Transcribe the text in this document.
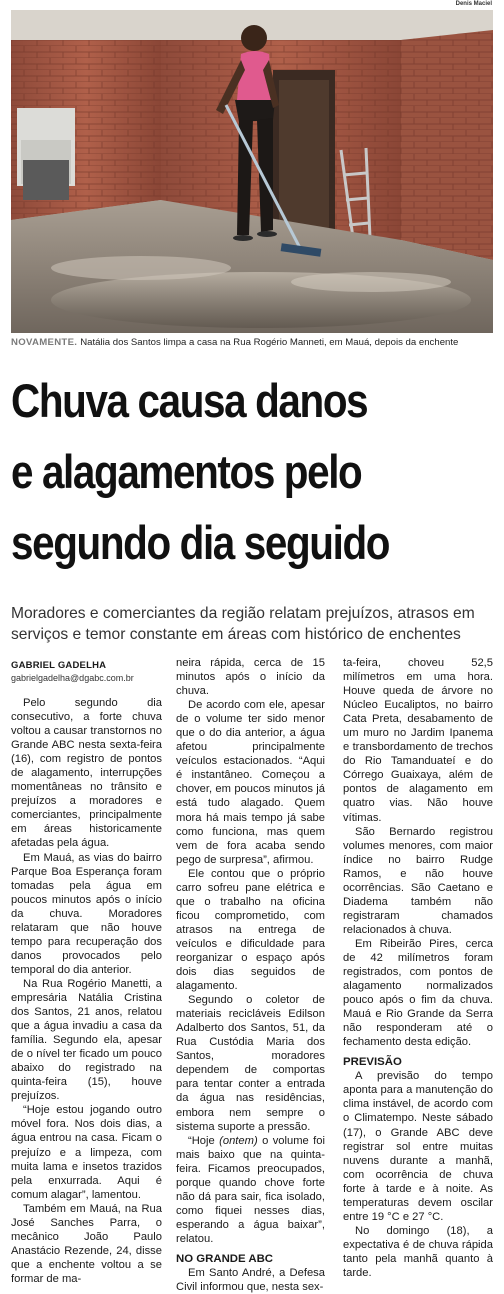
Denis Maciel
NOVAMENTE. Natália dos Santos limpa a casa na Rua Rogério Manneti, em Mauá, depois da enchente
Chuva causa danos
e alagamentos pelo
segundo dia seguido
Moradores e comerciantes da região relatam prejuízos, atrasos em serviços e temor constante em áreas com histórico de enchentes
GABRIEL GADELHA
gabrielgadelha@dgabc.com.br

Pelo segundo dia consecutivo, a forte chuva voltou a causar transtornos no Grande ABC nesta sexta-feira (16), com registro de pontos de alagamento, interrupções momentâneas no trânsito e prejuízos a moradores e comerciantes, principalmente em áreas historicamente afetadas pela água.

Em Mauá, as vias do bairro Parque Boa Esperança foram tomadas pela água em poucos minutos após o início da chuva. Moradores relataram que não houve tempo para recuperação dos danos provocados pelo temporal do dia anterior.

Na Rua Rogério Manetti, a empresária Natália Cristina dos Santos, 21 anos, relatou que a água invadiu a casa da família. Segundo ela, apesar de o nível ter ficado um pouco abaixo do registrado na quinta-feira (15), houve prejuízos.

“Hoje estou jogando outro móvel fora. Nos dois dias, a água entrou na casa. Ficam o prejuízo e a limpeza, com muita lama e insetos trazidos pela enxurrada. Aqui é comum alagar”, lamentou.

Também em Mauá, na Rua José Sanches Parra, o mecânico João Paulo Anastácio Rezende, 24, disse que a enchente voltou a se formar de ma-

neira rápida, cerca de 15 minutos após o início da chuva.

De acordo com ele, apesar de o volume ter sido menor que o do dia anterior, a água afetou principalmente veículos estacionados. “Aqui é instantâneo. Começou a chover, em poucos minutos já está tudo alagado. Quem mora há mais tempo já sabe como funciona, mas quem vem de fora acaba sendo pego de surpresa”, afirmou.

Ele contou que o próprio carro sofreu pane elétrica e que o trabalho na oficina ficou comprometido, com atrasos na entrega de veículos e dificuldade para reorganizar o espaço após dois dias seguidos de alagamento.

Segundo o coletor de materiais recicláveis Edilson Adalberto dos Santos, 51, da Rua Custódia Maria dos Santos, moradores dependem de comportas para tentar conter a entrada da água nas residências, embora nem sempre o sistema suporte a pressão.

“Hoje (ontem) o volume foi mais baixo que na quinta-feira. Ficamos preocupados, porque quando chove forte não dá para sair, fica isolado, como fiquei nesses dias, esperando a água baixar”, relatou.

NO GRANDE ABC

Em Santo André, a Defesa Civil informou que, nesta sex-

ta-feira, choveu 52,5 milímetros em uma hora. Houve queda de árvore no Núcleo Eucaliptos, no bairro Cata Preta, desabamento de um muro no Jardim Ipanema e transbordamento de trechos do Rio Tamanduateí e do Córrego Guaixaya, além de pontos de alagamento em quatro vias. Não houve vítimas.

São Bernardo registrou volumes menores, com maior índice no bairro Rudge Ramos, e não houve ocorrências. São Caetano e Diadema também não registraram chamados relacionados à chuva.

Em Ribeirão Pires, cerca de 42 milímetros foram registrados, com pontos de alagamento normalizados pouco após o fim da chuva. Mauá e Rio Grande da Serra não responderam até o fechamento desta edição.

PREVISÃO

A previsão do tempo aponta para a manutenção do clima instável, de acordo com o Climatempo. Neste sábado (17), o Grande ABC deve registrar sol entre muitas nuvens durante a manhã, com ocorrência de chuva forte à tarde e à noite. As temperaturas devem oscilar entre 19 °C e 27 °C.

No domingo (18), a expectativa é de chuva rápida tanto pela manhã quanto à tarde.
